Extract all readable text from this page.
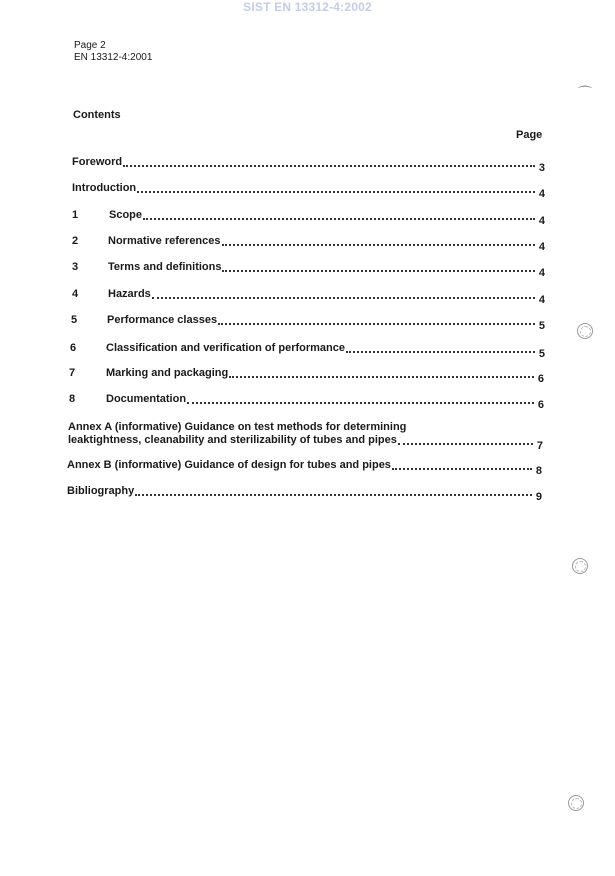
SIST EN 13312-4:2002
Page 2
EN 13312-4:2001
⌒
Contents
Page
Foreword	3
Introduction	4
1	Scope	4
2	Normative references	4
3	Terms and definitions	4
4	Hazards	4
5	Performance classes	5
6	Classification and verification of performance	5
7	Marking and packaging	6
8	Documentation	6
Annex A (informative) Guidance on test methods for determining
leaktightness, cleanability and sterilizability of tubes and pipes	7
Annex B (informative) Guidance of design for tubes and pipes	8
Bibliography	9
